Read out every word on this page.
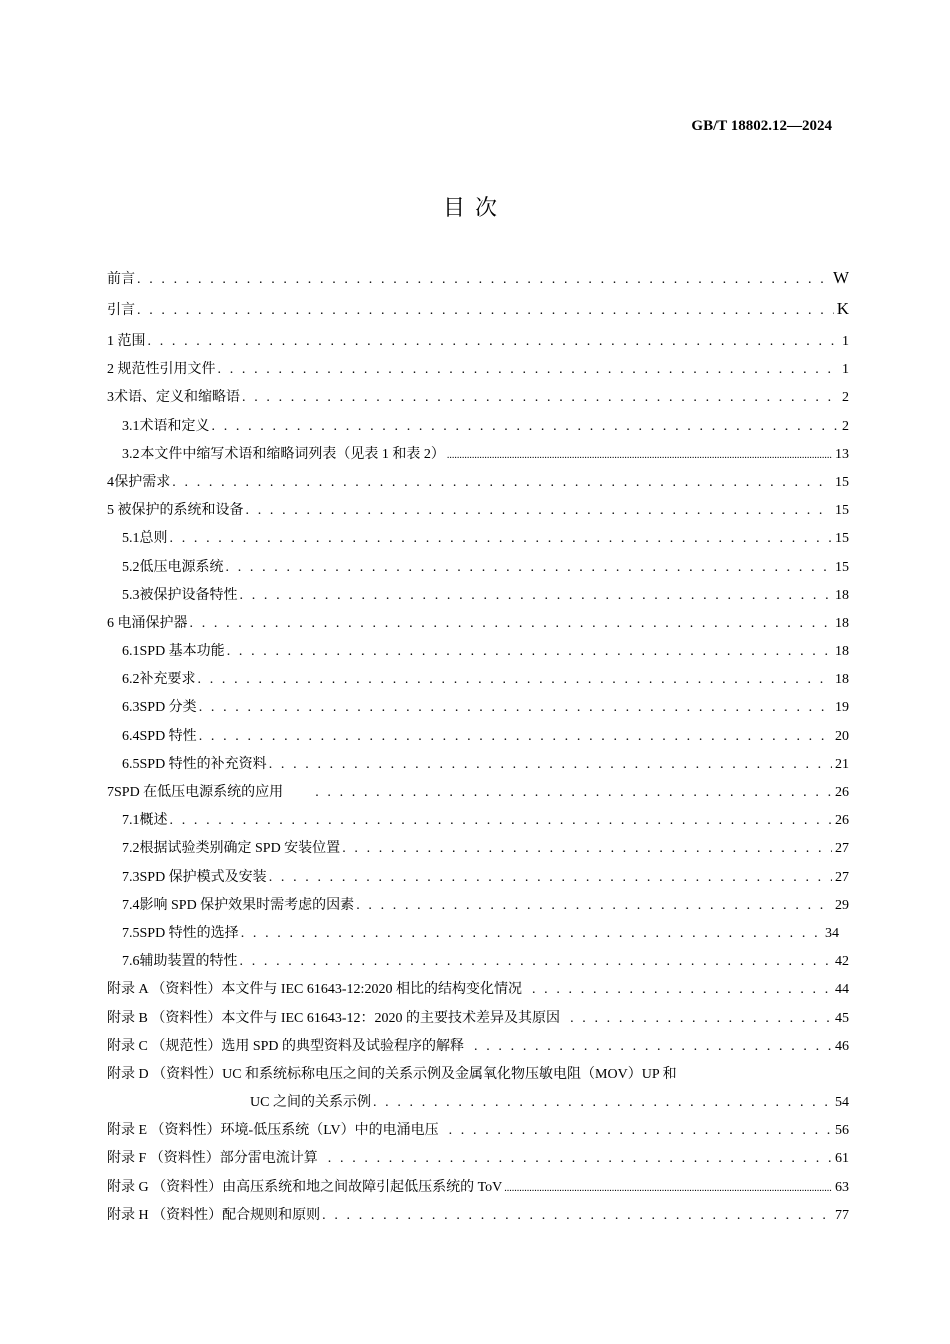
GB/T 18802.12—2024
目次
前言 . . .	W
引言 . . .	K
1 范围 . . .	1
2 规范性引用文件 . . .	1
3 术语、定义和缩略语 . . .	2
3.1 术语和定义 . . .	2
3.2 本文件中缩写术语和缩略词列表（见表 1 和表 2） .....	13
4 保护需求 . . .	15
5 被保护的系统和设备 . . .	15
5.1 总则 . . .	15
5.2 低压电源系统 . . .	15
5.3 被保护设备特性 . . .	18
6 电涌保护器 . . .	18
6.1 SPD 基本功能 . . .	18
6.2 补充要求 . . .	18
6.3 SPD 分类 . . .	19
6.4 SPD 特性 . . .	20
6.5 SPD 特性的补充资料 . . .	21
7 SPD 在低压电源系统的应用 . . .	26
7.1 概述 . . .	26
7.2 根据试验类别确定 SPD 安装位置 . . .	27
7.3 SPD 保护模式及安装 . . .	27
7.4 影响 SPD 保护效果时需考虑的因素 . . .	29
7.5 SPD 特性的选择 . . .	34
7.6 辅助装置的特性 . . .	42
附录 A （资料性）本文件与 IEC 61643-12:2020 相比的结构变化情况 . . .	44
附录 B （资料性）本文件与 IEC 61643-12：2020 的主要技术差异及其原因 . . .	45
附录 C （规范性）选用 SPD 的典型资料及试验程序的解释 . . .	46
附录 D （资料性）UC 和系统标称电压之间的关系示例及金属氧化物压敏电阻（MOV）UP 和
UC 之间的关系示例 . . .	54
附录 E （资料性）环境-低压系统（LV）中的电涌电压 . . .	56
附录 F （资料性）部分雷电流计算 . . .	61
附录 G （资料性）由高压系统和地之间故障引起低压系统的 ToV .....	63
附录 H （资料性）配合规则和原则 . . .	77
